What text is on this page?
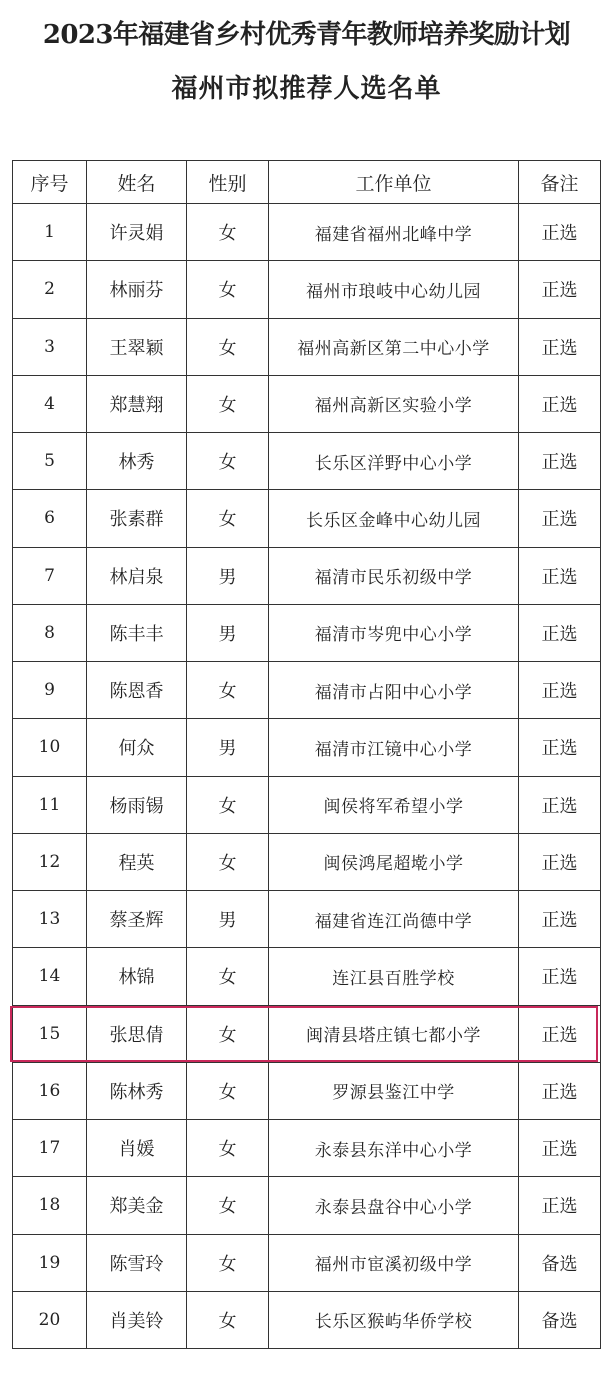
2023年福建省乡村优秀青年教师培养奖励计划
福州市拟推荐人选名单
序号	姓名	性别	工作单位	备注
1	许灵娟	女	福建省福州北峰中学	正选
2	林丽芬	女	福州市琅岐中心幼儿园	正选
3	王翠颖	女	福州高新区第二中心小学	正选
4	郑慧翔	女	福州高新区实验小学	正选
5	林秀	女	长乐区洋野中心小学	正选
6	张素群	女	长乐区金峰中心幼儿园	正选
7	林启泉	男	福清市民乐初级中学	正选
8	陈丰丰	男	福清市岑兜中心小学	正选
9	陈恩香	女	福清市占阳中心小学	正选
10	何众	男	福清市江镜中心小学	正选
11	杨雨锡	女	闽侯将军希望小学	正选
12	程英	女	闽侯鸿尾超墘小学	正选
13	蔡圣辉	男	福建省连江尚德中学	正选
14	林锦	女	连江县百胜学校	正选
15	张思倩	女	闽清县塔庄镇七都小学	正选
16	陈林秀	女	罗源县鉴江中学	正选
17	肖媛	女	永泰县东洋中心小学	正选
18	郑美金	女	永泰县盘谷中心小学	正选
19	陈雪玲	女	福州市宦溪初级中学	备选
20	肖美铃	女	长乐区猴屿华侨学校	备选
